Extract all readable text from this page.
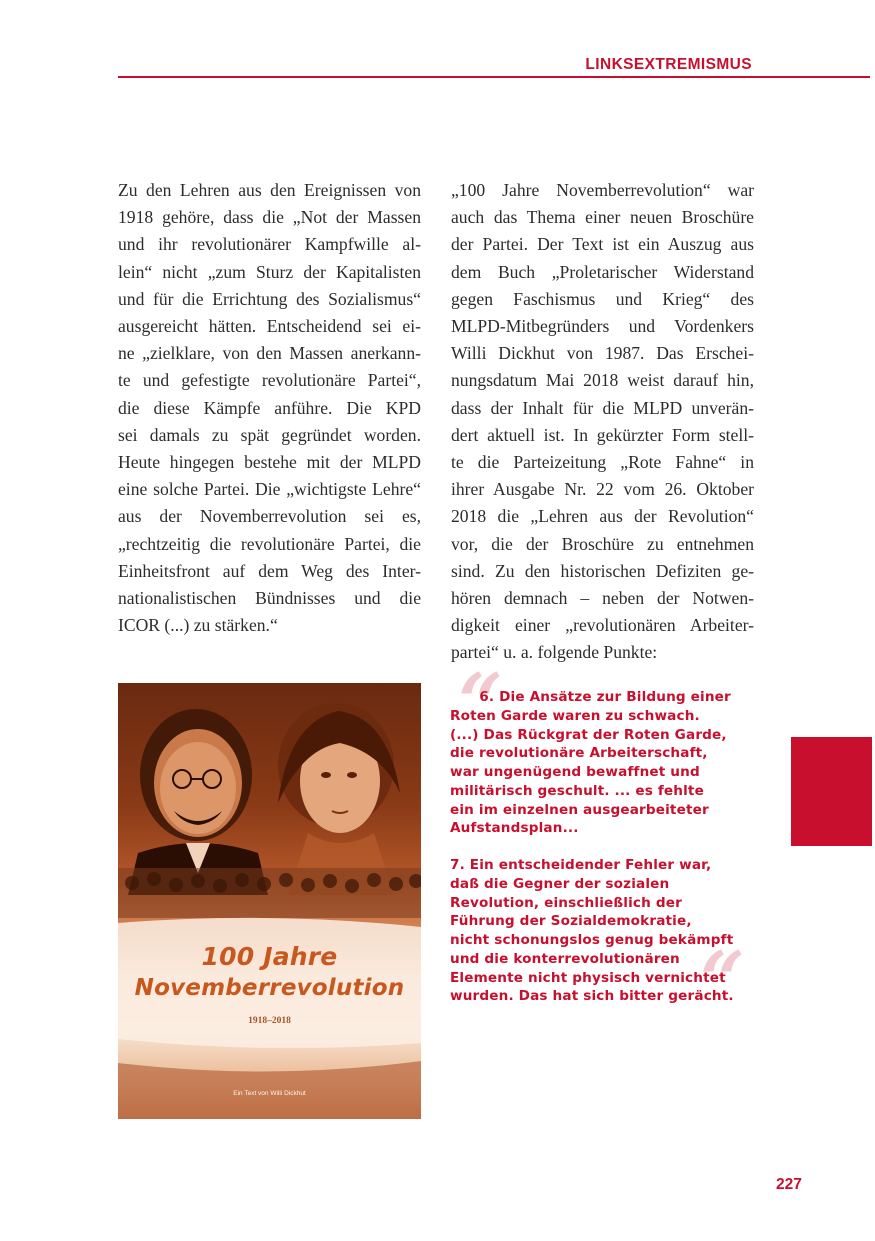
LINKSEXTREMISMUS
Zu den Lehren aus den Ereignissen von
1918 gehöre, dass die „Not der Massen
und ihr revolutionärer Kampfwille al-
lein“ nicht „zum Sturz der Kapitalisten
und für die Errichtung des Sozialismus“
ausgereicht hätten. Entscheidend sei ei-
ne „zielklare, von den Massen anerkann-
te und gefestigte revolutionäre Partei“,
die diese Kämpfe anführe. Die KPD
sei damals zu spät gegründet worden.
Heute hingegen bestehe mit der MLPD
eine solche Partei. Die „wichtigste Lehre“
aus der Novemberrevolution sei es,
„rechtzeitig die revolutionäre Partei, die
Einheitsfront auf dem Weg des Inter-
nationalistischen Bündnisses und die
ICOR (...) zu stärken.“
„100 Jahre Novemberrevolution“ war
auch das Thema einer neuen Broschüre
der Partei. Der Text ist ein Auszug aus
dem Buch „Proletarischer Widerstand
gegen Faschismus und Krieg“ des
MLPD-Mitbegründers und Vordenkers
Willi Dickhut von 1987. Das Erschei-
nungsdatum Mai 2018 weist darauf hin,
dass der Inhalt für die MLPD unverän-
dert aktuell ist. In gekürzter Form stell-
te die Parteizeitung „Rote Fahne“ in
ihrer Ausgabe Nr. 22 vom 26. Oktober
2018 die „Lehren aus der Revolution“
vor, die der Broschüre zu entnehmen
sind. Zu den historischen Defiziten ge-
hören demnach – neben der Notwen-
digkeit einer „revolutionären Arbeiter-
partei“ u. a. folgende Punkte:
100 Jahre
Novemberrevolution
1918–2018
Ein Text von Willi Dickhut
“
“
6. Die Ansätze zur Bildung einer
Roten Garde waren zu schwach.
(...) Das Rückgrat der Roten Garde,
die revolutionäre Arbeiterschaft,
war ungenügend bewaffnet und
militärisch geschult. ... es fehlte
ein im einzelnen ausgearbeiteter
Aufstandsplan...
7. Ein entscheidender Fehler war,
daß die Gegner der sozialen
Revolution, einschließlich der
Führung der Sozialdemokratie,
nicht schonungslos genug bekämpft
und die konterrevolutionären
Elemente nicht physisch vernichtet
wurden. Das hat sich bitter gerächt.
227
